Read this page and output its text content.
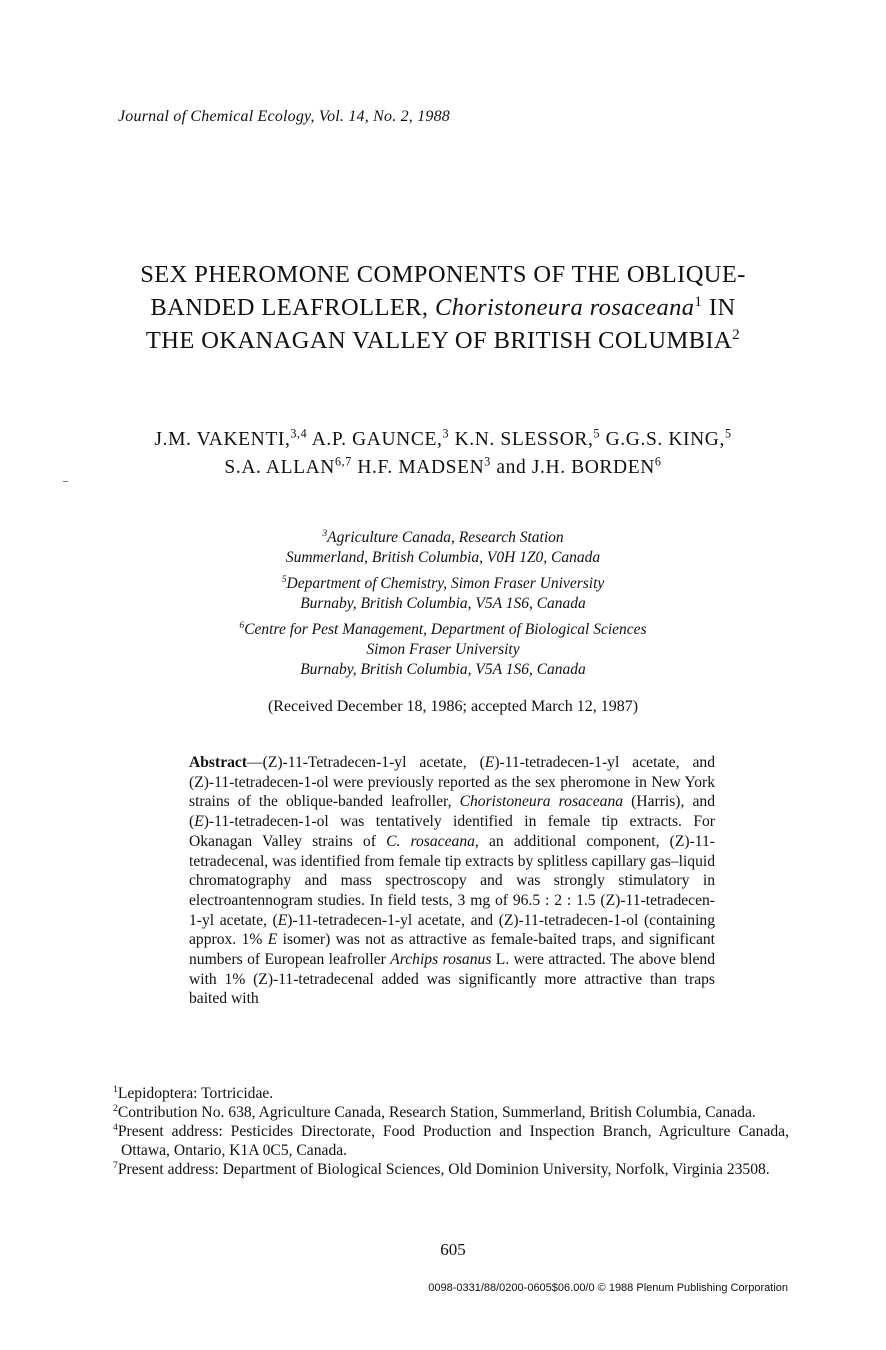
Journal of Chemical Ecology, Vol. 14, No. 2, 1988
SEX PHEROMONE COMPONENTS OF THE OBLIQUE-
BANDED LEAFROLLER, Choristoneura rosaceana$^1$ IN
THE OKANAGAN VALLEY OF BRITISH COLUMBIA$^2$
J.M. VAKENTI,$^{3,4}$ A.P. GAUNCE,$^3$ K.N. SLESSOR,$^5$ G.G.S. KING,$^5$
S.A. ALLAN$^{6,7}$ H.F. MADSEN$^3$ and J.H. BORDEN$^6$
$^3$Agriculture Canada, Research Station
Summerland, British Columbia, V0H 1Z0, Canada
$^5$Department of Chemistry, Simon Fraser University
Burnaby, British Columbia, V5A 1S6, Canada
$^6$Centre for Pest Management, Department of Biological Sciences
Simon Fraser University
Burnaby, British Columbia, V5A 1S6, Canada
(Received December 18, 1986; accepted March 12, 1987)
Abstract—(Z)-11-Tetradecen-1-yl acetate, (E)-11-tetradecen-1-yl acetate, and (Z)-11-tetradecen-1-ol were previously reported as the sex pheromone in New York strains of the oblique-banded leafroller, Choristoneura rosaceana (Harris), and (E)-11-tetradecen-1-ol was tentatively identified in female tip extracts. For Okanagan Valley strains of C. rosaceana, an additional component, (Z)-11-tetradecenal, was identified from female tip extracts by splitless capillary gas–liquid chromatography and mass spectroscopy and was strongly stimulatory in electroantennogram studies. In field tests, 3 mg of 96.5 : 2 : 1.5 (Z)-11-tetradecen-1-yl acetate, (E)-11-tetradecen-1-yl acetate, and (Z)-11-tetradecen-1-ol (containing approx. 1% E isomer) was not as attractive as female-baited traps, and significant numbers of European leafroller Archips rosanus L. were attracted. The above blend with 1% (Z)-11-tetradecenal added was significantly more attractive than traps baited with
$^1$Lepidoptera: Tortricidae.
$^2$Contribution No. 638, Agriculture Canada, Research Station, Summerland, British Columbia, Canada.
$^4$Present address: Pesticides Directorate, Food Production and Inspection Branch, Agriculture Canada, Ottawa, Ontario, K1A 0C5, Canada.
$^7$Present address: Department of Biological Sciences, Old Dominion University, Norfolk, Virginia 23508.
605
0098-0331/88/0200-0605$06.00/0 © 1988 Plenum Publishing Corporation
